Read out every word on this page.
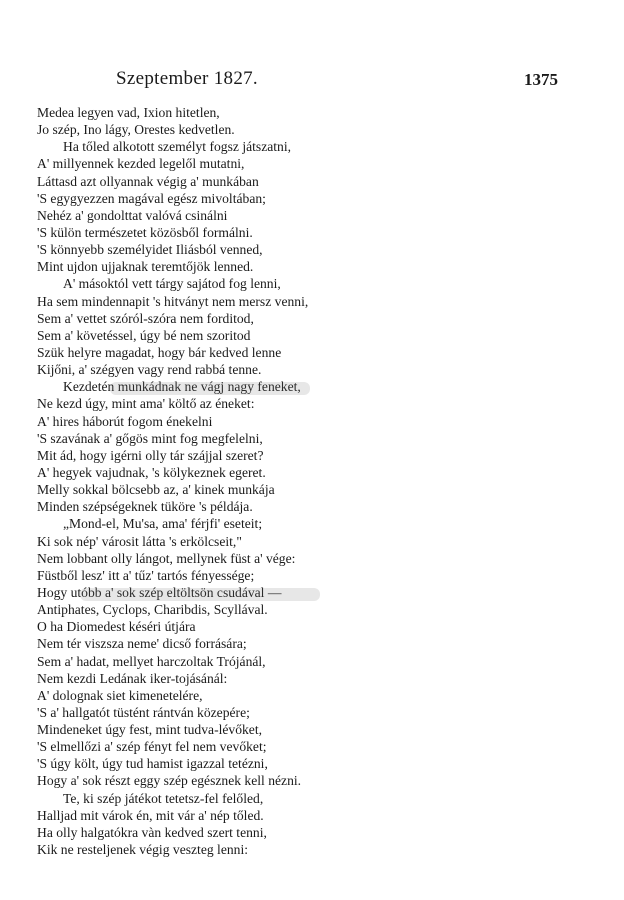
Szeptember 1827.	1375
Medea legyen vad, Ixion hitetlen,
Jo szép, Ino lágy, Orestes kedvetlen.
Ha tőled alkotott személyt fogsz játszatni,
A' millyennek kezded legelől mutatni,
Láttasd azt ollyannak végig a' munkában
'S egygyezzen magával egész mivoltában;
Nehéz a' gondolttat valóvá csinálni
'S külön természetet közösből formálni.
'S könnyebb személyidet Iliásból venned,
Mint ujdon ujjaknak teremtőjök lenned.
A' másoktól vett tárgy sajátod fog lenni,
Ha sem mindennapit 's hitványt nem mersz venni,
Sem a' vettet szóról-szóra nem forditod,
Sem a' követéssel, úgy bé nem szoritod
Szük helyre magadat, hogy bár kedved lenne
Kijőni, a' szégyen vagy rend rabbá tenne.
Kezdetén munkádnak ne vágj nagy feneket,
Ne kezd úgy, mint ama' költő az éneket:
A' hires háborút fogom énekelni
'S szavának a' gőgös mint fog megfelelni,
Mit ád, hogy igérni olly tár szájjal szeret?
A' hegyek vajudnak, 's kölykeznek egeret.
Melly sokkal bölcsebb az, a' kinek munkája
Minden szépségeknek tüköre 's példája.
„Mond-el, Mu'sa, ama' férjfi' eseteit;
Ki sok nép' városit látta 's erkölcseit,"
Nem lobbant olly lángot, mellynek füst a' vége:
Füstből lesz' itt a' tűz' tartós fényessége;
Hogy utóbb a' sok szép eltöltsön csudával —
Antiphates, Cyclops, Charibdis, Scyllával.
O ha Diomedest késéri útjára
Nem tér viszsza neme' dicső forrására;
Sem a' hadat, mellyet harczoltak Trójánál,
Nem kezdi Ledának iker-tojásánál:
A' dolognak siet kimenetelére,
'S a' hallgatót tüstént rántván közepére;
Mindeneket úgy fest, mint tudva-lévőket,
'S elmellőzi a' szép fényt fel nem vevőket;
'S úgy költ, úgy tud hamist igazzal tetézni,
Hogy a' sok részt eggy szép egésznek kell nézni.
Te, ki szép játékot tetetsz-fel felőled,
Halljad mit várok én, mit vár a' nép tőled.
Ha olly halgatókra vàn kedved szert tenni,
Kik ne resteljenek végig veszteg lenni:
